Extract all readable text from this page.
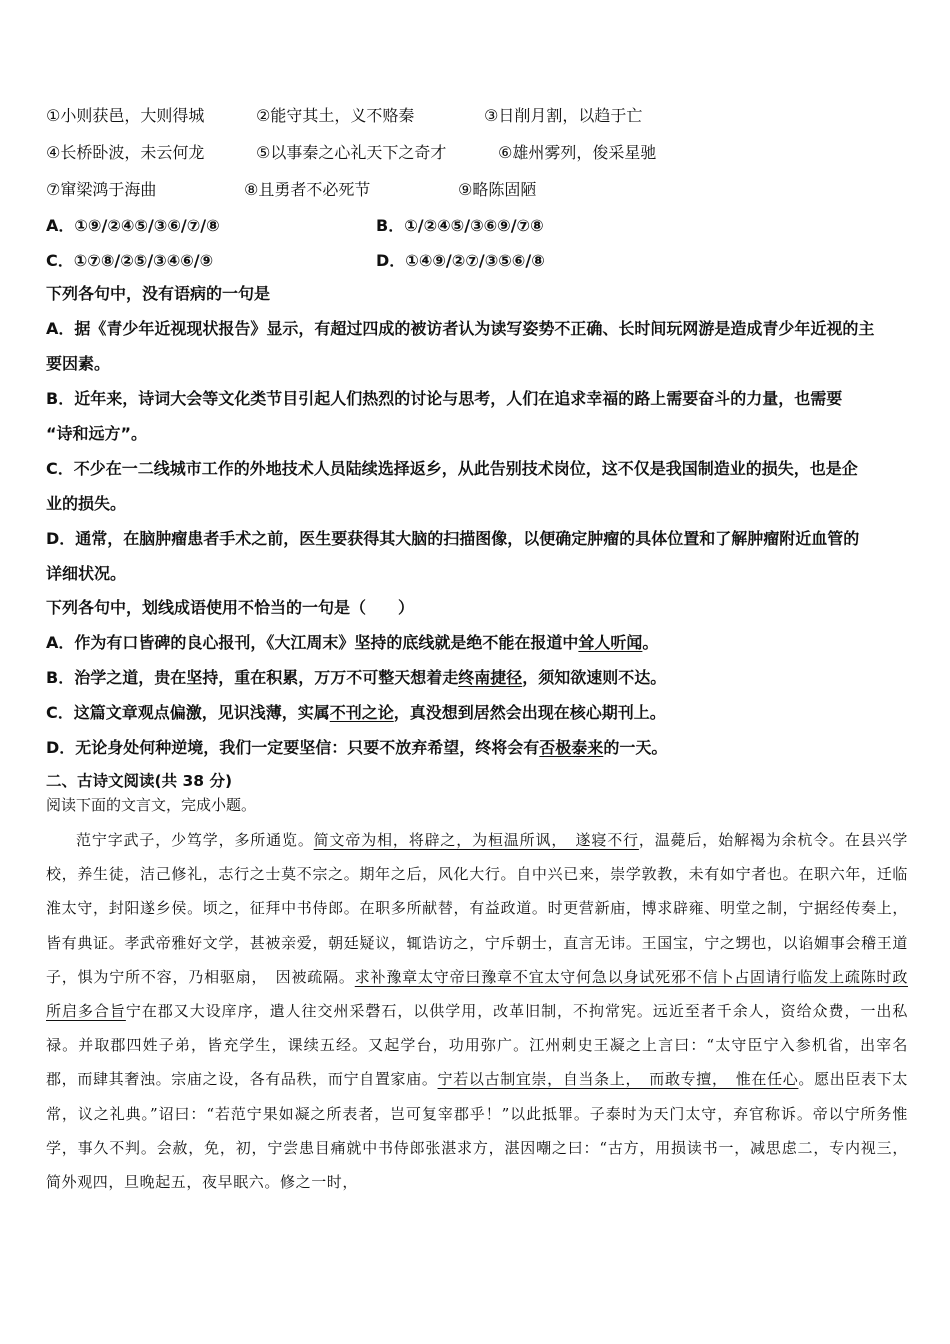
①小则获邑，大则得城	②能守其土，义不赂秦	③日削月割，以趋于亡
④长桥卧波，未云何龙	⑤以事秦之心礼天下之奇才	⑥雄州雾列，俊采星驰
⑦窜梁鸿于海曲	⑧且勇者不必死节	⑨略陈固陋
A．①⑨/②④⑤/③⑥/⑦/⑧	B．①/②④⑤/③⑥⑨/⑦⑧
C．①⑦⑧/②⑤/③④⑥/⑨	D．①④⑨/②⑦/③⑤⑥/⑧

下列各句中，没有语病的一句是

A．据《青少年近视现状报告》显示，有超过四成的被访者认为读写姿势不正确、长时间玩网游是造成青少年近视的主

要因素。

B．近年来，诗词大会等文化类节目引起人们热烈的讨论与思考，人们在追求幸福的路上需要奋斗的力量，也需要

“诗和远方”。

C．不少在一二线城市工作的外地技术人员陆续选择返乡，从此告别技术岗位，这不仅是我国制造业的损失，也是企

业的损失。

D．通常，在脑肿瘤患者手术之前，医生要获得其大脑的扫描图像，以便确定肿瘤的具体位置和了解肿瘤附近血管的

详细状况。

下列各句中，划线成语使用不恰当的一句是（　　）

A．作为有口皆碑的良心报刊，《大江周末》坚持的底线就是绝不能在报道中耸人听闻。

B．治学之道，贵在坚持，重在积累，万万不可整天想着走终南捷径，须知欲速则不达。

C．这篇文章观点偏激，见识浅薄，实属不刊之论，真没想到居然会出现在核心期刊上。

D．无论身处何种逆境，我们一定要坚信：只要不放弃希望，终将会有否极泰来的一天。

二、古诗文阅读(共 38 分)

阅读下面的文言文，完成小题。

范宁字武子，少笃学，多所通览。简文帝为相，将辟之，为桓温所讽，　遂寝不行，温薨后，始解褐为余杭令。在县兴学校，养生徒，洁己修礼，志行之士莫不宗之。期年之后，风化大行。自中兴已来，崇学敦教，未有如宁者也。在职六年，迁临淮太守，封阳遂乡侯。顷之，征拜中书侍郎。在职多所献替，有益政道。时更营新庙，博求辟雍、明堂之制，宁据经传奏上，皆有典证。孝武帝雅好文学，甚被亲爱，朝廷疑议，辄诰访之，宁斥朝士，直言无讳。王国宝，宁之甥也，以谄媚事会稽王道子，惧为宁所不容，乃相驱扇，　因被疏隔。求补豫章太守帝曰豫章不宜太守何急以身试死邪不信卜占固请行临发上疏陈时政所启多合旨宁在郡又大设庠序，遣人往交州采磬石，以供学用，改革旧制，不拘常宪。远近至者千余人，资给众费，一出私禄。并取郡四姓子弟，皆充学生，课续五经。又起学台，功用弥广。江州刺史王凝之上言曰：“太守臣宁入参机省，出宰名郡，而肆其奢浊。宗庙之设，各有品秩，而宁自置家庙。宁若以古制宜崇，自当条上，　而敢专擅，　惟在任心。愿出臣表下太常，议之礼典。”诏曰：“若范宁果如凝之所表者，岂可复宰郡乎！”以此抵罪。子泰时为天门太守，弃官称诉。帝以宁所务惟学，事久不判。会赦，免，初，宁尝患目痛就中书侍郎张湛求方，湛因嘲之曰：“古方，用损读书一，减思虑二，专内视三，简外观四，旦晚起五，夜早眠六。修之一时，
